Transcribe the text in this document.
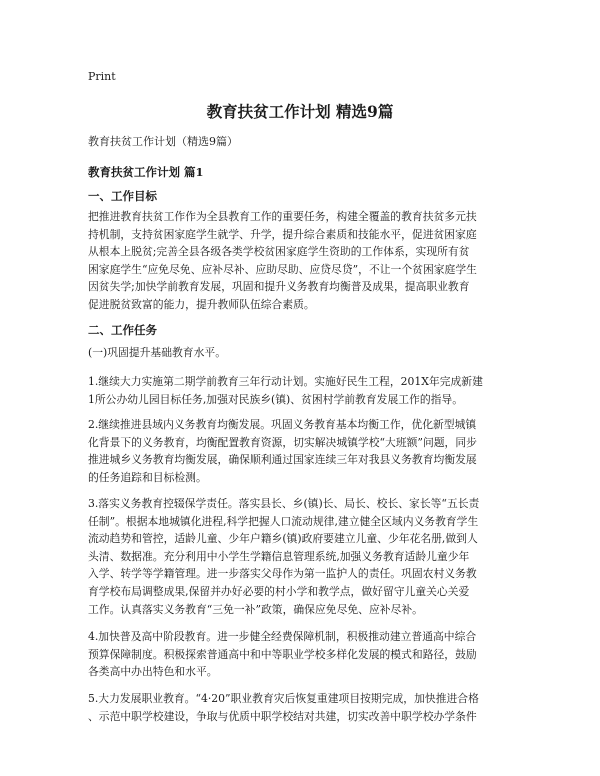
Print
教育扶贫工作计划 精选9篇
教育扶贫工作计划（精选9篇）
教育扶贫工作计划 篇1
一、工作目标
把推进教育扶贫工作作为全县教育工作的重要任务，构建全覆盖的教育扶贫多元扶
持机制，支持贫困家庭学生就学、升学，提升综合素质和技能水平，促进贫困家庭
从根本上脱贫;完善全县各级各类学校贫困家庭学生资助的工作体系，实现所有贫
困家庭学生“应免尽免、应补尽补、应助尽助、应贷尽贷”，不让一个贫困家庭学生
因贫失学;加快学前教育发展，巩固和提升义务教育均衡普及成果，提高职业教育
促进脱贫致富的能力，提升教师队伍综合素质。
二、工作任务
(一)巩固提升基础教育水平。
1.继续大力实施第二期学前教育三年行动计划。实施好民生工程，201X年完成新建
1所公办幼儿园目标任务,加强对民族乡(镇)、贫困村学前教育发展工作的指导。
2.继续推进县域内义务教育均衡发展。巩固义务教育基本均衡工作，优化新型城镇
化背景下的义务教育，均衡配置教育资源，切实解决城镇学校“大班额”问题，同步
推进城乡义务教育均衡发展，确保顺利通过国家连续三年对我县义务教育均衡发展
的任务追踪和目标检测。
3.落实义务教育控辍保学责任。落实县长、乡(镇)长、局长、校长、家长等“五长责
任制”。根据本地城镇化进程,科学把握人口流动规律,建立健全区域内义务教育学生
流动趋势和管控，适龄儿童、少年户籍乡(镇)政府要建立儿童、少年花名册,做到人
头清、数据准。充分利用中小学生学籍信息管理系统,加强义务教育适龄儿童少年
入学、转学等学籍管理。进一步落实父母作为第一监护人的责任。巩固农村义务教
育学校布局调整成果,保留并办好必要的村小学和教学点，做好留守儿童关心关爱
工作。认真落实义务教育“三免一补”政策，确保应免尽免、应补尽补。
4.加快普及高中阶段教育。进一步健全经费保障机制，积极推动建立普通高中综合
预算保障制度。积极探索普通高中和中等职业学校多样化发展的模式和路径，鼓励
各类高中办出特色和水平。
5.大力发展职业教育。“4·20”职业教育灾后恢复重建项目按期完成，加快推进合格
、示范中职学校建设，争取与优质中职学校结对共建，切实改善中职学校办学条件
